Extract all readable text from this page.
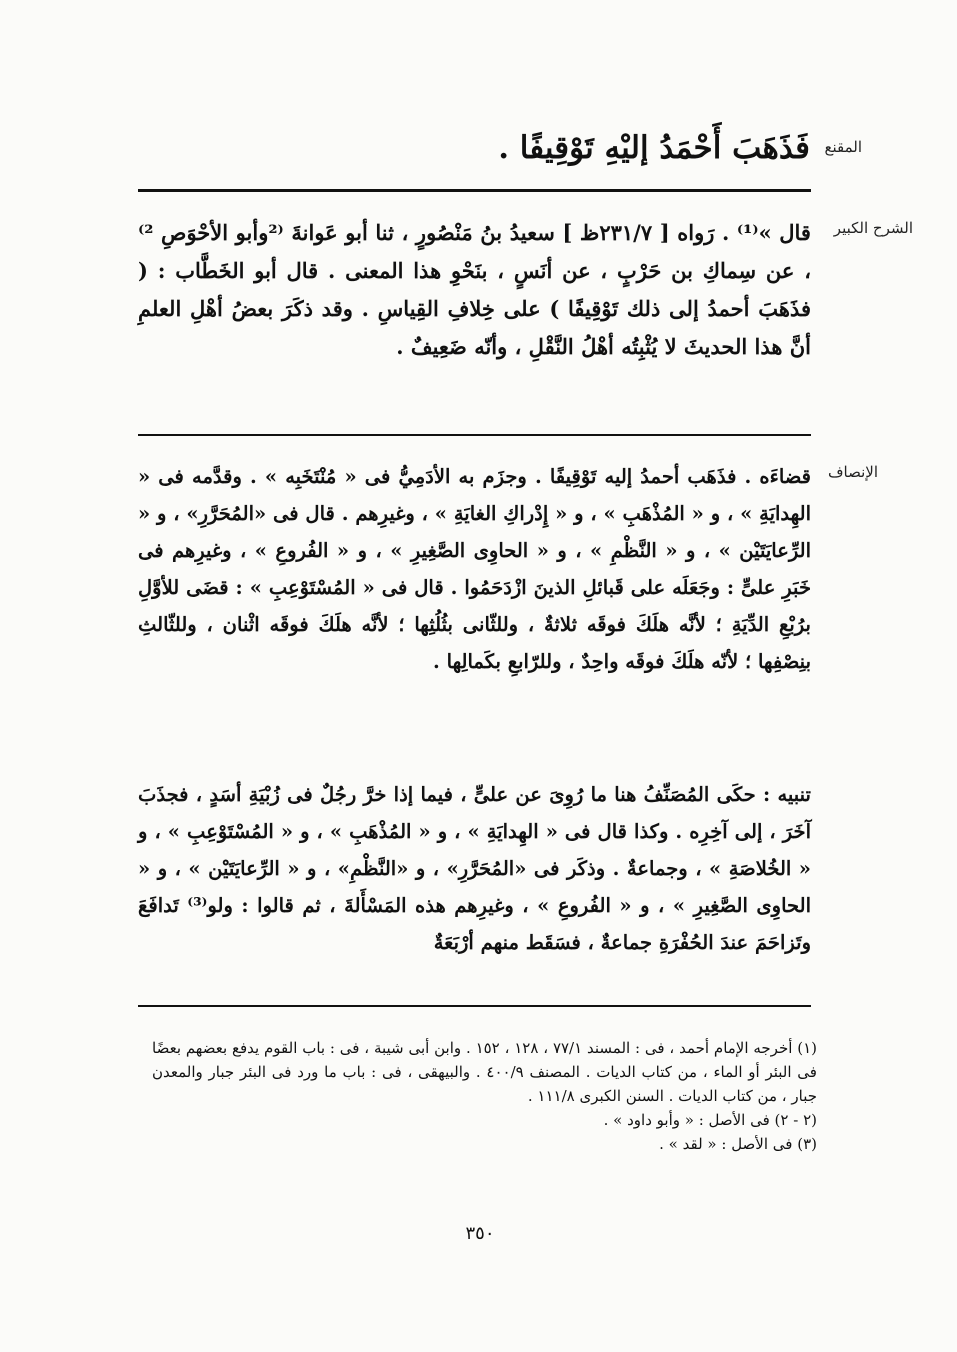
المقنع
فَذَهَبَ أَحْمَدُ إليْهِ تَوْقِيفًا .
الشرح الكبير

قال »⁽¹⁾ . رَواه [ ٢٣١/٧ظ ] سعيدُ بنُ مَنْصُورٍ ، ثنا أبو عَوانةَ ⁽²وأبو الأحْوَصِ ²⁾ ، عن سِماكِ بن حَرْبٍ ، عن أنَسٍ ، بنَحْوِ هذا المعنى . قال أبو الخَطَّاب : ( فذَهَبَ أحمدُ إلى ذلك تَوْقِيفًا ) على خِلافِ القِياسِ . وقد ذكَرَ بعضُ أهْلِ العلمِ أنَّ هذا الحديثَ لا يُثْبِتُه أهْلُ النَّقْلِ ، وأنّه ضَعِيفٌ .

الإنصاف

قضاءَه . فذَهَب أحمدُ إليه تَوْقِيفًا . وجزَم به الأدَمِيُّ فى « مُنْتَخَبِه » . وقدَّمه فى « الهِدايَةِ » ، و « المُذْهَبِ » ، و « إِدْراكِ الغايَةِ » ، وغيرِهم . قال فى «المُحَرَّرِ» ، و « الرِّعايَتَيْن » ، و « النَّظْمِ » ، و « الحاوِى الصَّغِيرِ » ، و « الفُروعِ » ، وغيرِهم فى خَبَرِ علىٍّ : وجَعَلَه على قَبائلِ الذينَ ازْدَحَمُوا . قال فى « المُسْتَوْعِبِ » : قضَى للأوَّلِ برُبْعِ الدِّيَةِ ؛ لأنَّه هلَكَ فوقَه ثلاثةٌ ، وللثّانى بثُلُثِها ؛ لأنَّه هلَكَ فوقَه اثْنان ، وللثّالثِ بنِصْفِها ؛ لأنّه هلَكَ فوقَه واحِدٌ ، وللرّابعِ بكَمالِها .

تنبيه : حكَى المُصَنِّفُ هنا ما رُوِىَ عن علىٍّ ، فيما إذا خرَّ رجُلٌ فى زُبْيَةِ أسَدٍ ، فجذَبَ آخَرَ ، إلى آخِرِه . وكذا قال فى « الهِدايَةِ » ، و « المُذْهَبِ » ، و « المُسْتَوْعِبِ » ، و « الخُلاصَةِ » ، وجماعةٌ . وذكَر فى «المُحَرَّرِ» ، و «النَّظْمِ» ، و « الرِّعايَتَيْن » ، و « الحاوِى الصَّغِيرِ » ، و « الفُروعِ » ، وغيرِهم هذه المَسْأَلةَ ، ثم قالوا : ولو⁽³⁾ تَدافَعَ وتَزاحَمَ عندَ الحُفْرَةِ جماعةٌ ، فسَقَط منهم أرْبَعَةٌ

(١) أخرجه الإمام أحمد ، فى : المسند ٧٧/١ ، ١٢٨ ، ١٥٢ . وابن أبى شيبة ، فى : باب القوم يدفع بعضهم بعضًا فى البئر أو الماء ، من كتاب الديات . المصنف ٤٠٠/٩ . والبيهقى ، فى : باب ما ورد فى البئر جبار والمعدن جبار ، من كتاب الديات . السنن الكبرى ١١١/٨ .

(٢ - ٢) فى الأصل : « وأبو داود » .

(٣) فى الأصل : « لقد » .

٣٥٠
